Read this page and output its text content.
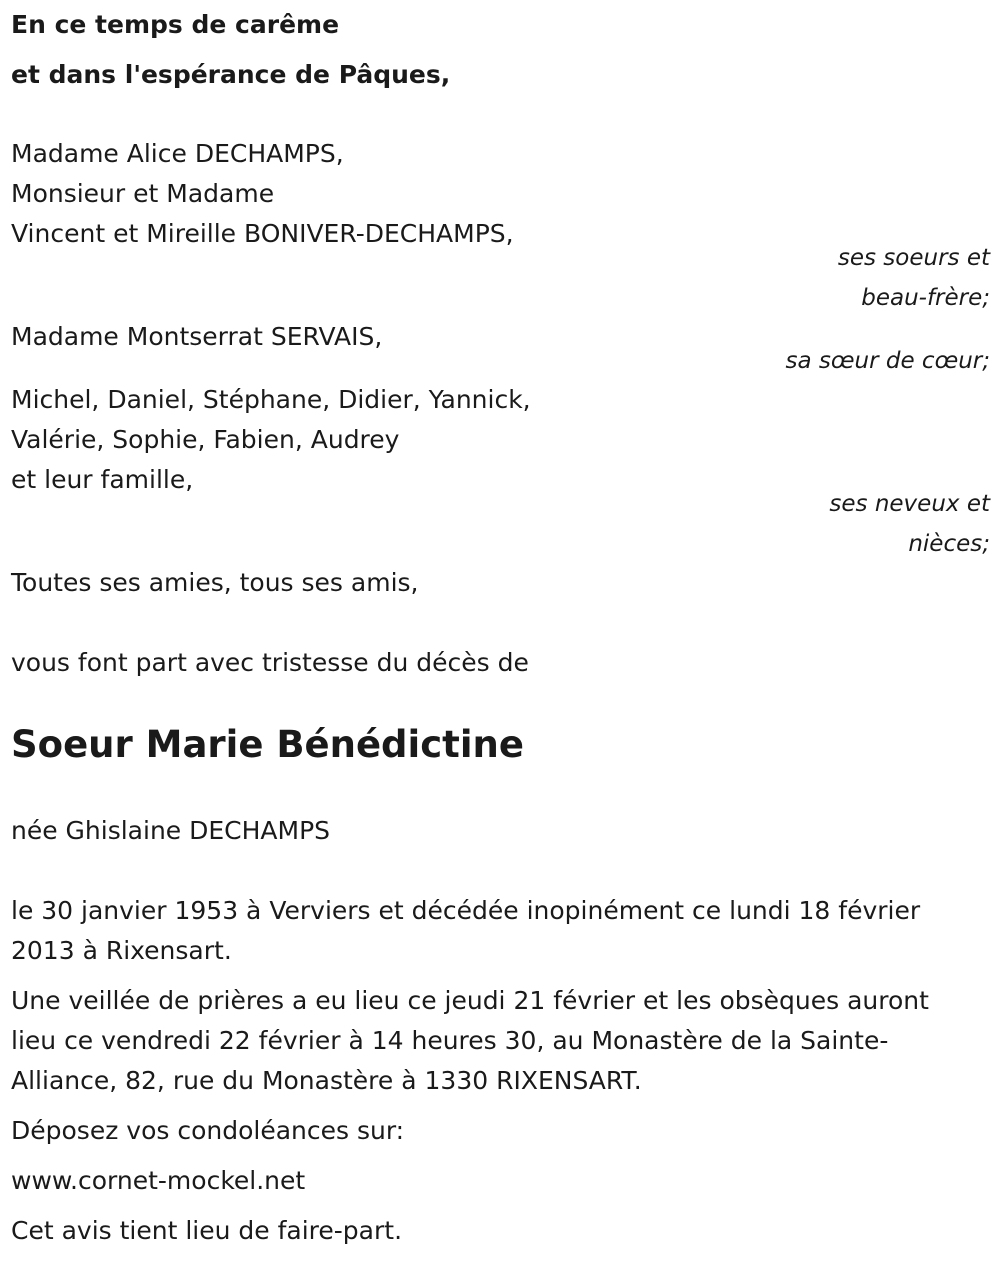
En ce temps de carême
et dans l'espérance de Pâques,
Madame Alice DECHAMPS,
Monsieur et Madame
Vincent et Mireille BONIVER-DECHAMPS,
ses soeurs et
beau-frère;
Madame Montserrat SERVAIS,
sa sœur de cœur;
Michel, Daniel, Stéphane, Didier, Yannick,
Valérie, Sophie, Fabien, Audrey
et leur famille,
ses neveux et
nièces;
Toutes ses amies, tous ses amis,
vous font part avec tristesse du décès de
Soeur Marie Bénédictine
née Ghislaine DECHAMPS
le 30 janvier 1953 à Verviers et décédée inopinément ce lundi 18 février
2013 à Rixensart.
Une veillée de prières a eu lieu ce jeudi 21 février et les obsèques auront
lieu ce vendredi 22 février à 14 heures 30, au Monastère de la Sainte-
Alliance, 82, rue du Monastère à 1330 RIXENSART.
Déposez vos condoléances sur:
www.cornet-mockel.net
Cet avis tient lieu de faire-part.
